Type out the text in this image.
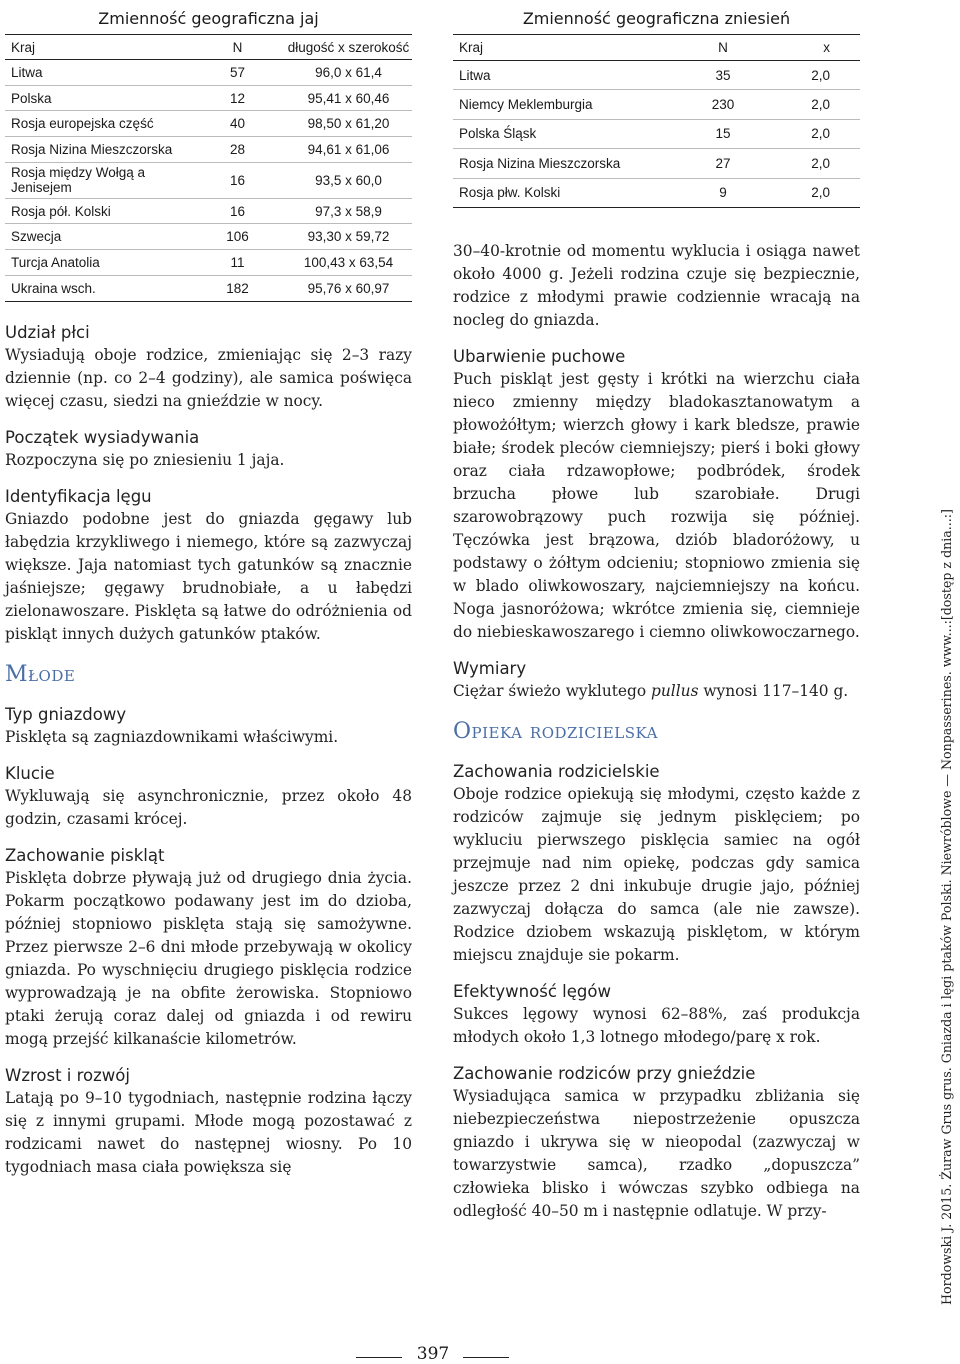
Zmienność geograficzna jaj
Kraj	N	długość x szerokość
Litwa	57	96,0 x 61,4
Polska	12	95,41 x 60,46
Rosja europejska część	40	98,50 x 61,20
Rosja Nizina Mieszczorska	28	94,61 x 61,06
Rosja między Wołgą a Jenisejem	16	93,5 x 60,0
Rosja pół. Kolski	16	97,3 x 58,9
Szwecja	106	93,30 x 59,72
Turcja Anatolia	11	100,43 x 63,54
Ukraina wsch.	182	95,76 x 60,97
Udział płci
Wysiadują oboje rodzice, zmieniając się 2–3 razy dziennie (np. co 2–4 godziny), ale samica poświęca więcej czasu, siedzi na gnieździe w nocy.
Początek wysiadywania
Rozpoczyna się po zniesieniu 1 jaja.
Identyfikacja lęgu
Gniazdo podobne jest do gniazda gęgawy lub łabędzia krzykliwego i niemego, które są zazwyczaj większe. Jaja natomiast tych gatunków są znacznie jaśniejsze; gęgawy brudnobiałe, a u łabędzi zielonawoszare. Pisklęta są łatwe do odróżnienia od piskląt innych dużych gatunków ptaków.
Młode
Typ gniazdowy
Pisklęta są zagniazdownikami właściwymi.
Klucie
Wykluwają się asynchronicznie, przez około 48 godzin, czasami krócej.
Zachowanie piskląt
Pisklęta dobrze pływają już od drugiego dnia życia. Pokarm początkowo podawany jest im do dzioba, później stopniowo pisklęta stają się samożywne. Przez pierwsze 2–6 dni młode przebywają w okolicy gniazda. Po wyschnięciu drugiego pisklęcia rodzice wyprowadzają je na obfite żerowiska. Stopniowo ptaki żerują coraz dalej od gniazda i od rewiru mogą przejść kilkanaście kilometrów.
Wzrost i rozwój
Latają po 9–10 tygodniach, następnie rodzina łączy się z innymi grupami. Młode mogą pozostawać z rodzicami nawet do następnej wiosny. Po 10 tygodniach masa ciała powiększa się
Zmienność geograficzna zniesień
Kraj	N	x
Litwa	35	2,0
Niemcy Meklemburgia	230	2,0
Polska Śląsk	15	2,0
Rosja Nizina Mieszczorska	27	2,0
Rosja płw. Kolski	9	2,0
30–40-krotnie od momentu wyklucia i osiąga nawet około 4000 g. Jeżeli rodzina czuje się bezpiecznie, rodzice z młodymi prawie codziennie wracają na nocleg do gniazda.
Ubarwienie puchowe
Puch piskląt jest gęsty i krótki na wierzchu ciała nieco zmienny między bladokasztanowatym a płowożółtym; wierzch głowy i kark bledsze, prawie białe; środek pleców ciemniejszy; pierś i boki głowy oraz ciała rdzawopłowe; podbródek, środek brzucha płowe lub szarobiałe. Drugi szarowobrązowy puch rozwija się później. Tęczówka jest brązowa, dziób bladoróżowy, u podstawy o żółtym odcieniu; stopniowo zmienia się w blado oliwkowoszary, najciemniejszy na końcu. Noga jasnoróżowa; wkrótce zmienia się, ciemnieje do niebieskawoszarego i ciemno oliwkowoczarnego.
Wymiary
Ciężar świeżo wyklutego pullus wynosi 117–140 g.
Opieka rodzicielska
Zachowania rodzicielskie
Oboje rodzice opiekują się młodymi, często każde z rodziców zajmuje się jednym pisklęciem; po wykluciu pierwszego pisklęcia samiec na ogół przejmuje nad nim opiekę, podczas gdy samica jeszcze przez 2 dni inkubuje drugie jajo, później zazwyczaj dołącza do samca (ale nie zawsze). Rodzice dziobem wskazują pisklętom, w którym miejscu znajduje sie pokarm.
Efektywność lęgów
Sukces lęgowy wynosi 62–88%, zaś produkcja młodych około 1,3 lotnego młodego/parę x rok.
Zachowanie rodziców przy gnieździe
Wysiadująca samica w przypadku zbliżania się niebezpieczeństwa niepostrzeżenie opuszcza gniazdo i ukrywa się w nieopodal (zazwyczaj w towarzystwie samca), rzadko „dopuszcza” człowieka blisko i wówczas szybko odbiega na odległość 40–50 m i następnie odlatuje. W przy-
397
Hordowski J. 2015. Żuraw Grus grus. Gniazda i lęgi ptaków Polski. Niewróblowe — Nonpasserines. www...:[dostęp z dnia...:]
